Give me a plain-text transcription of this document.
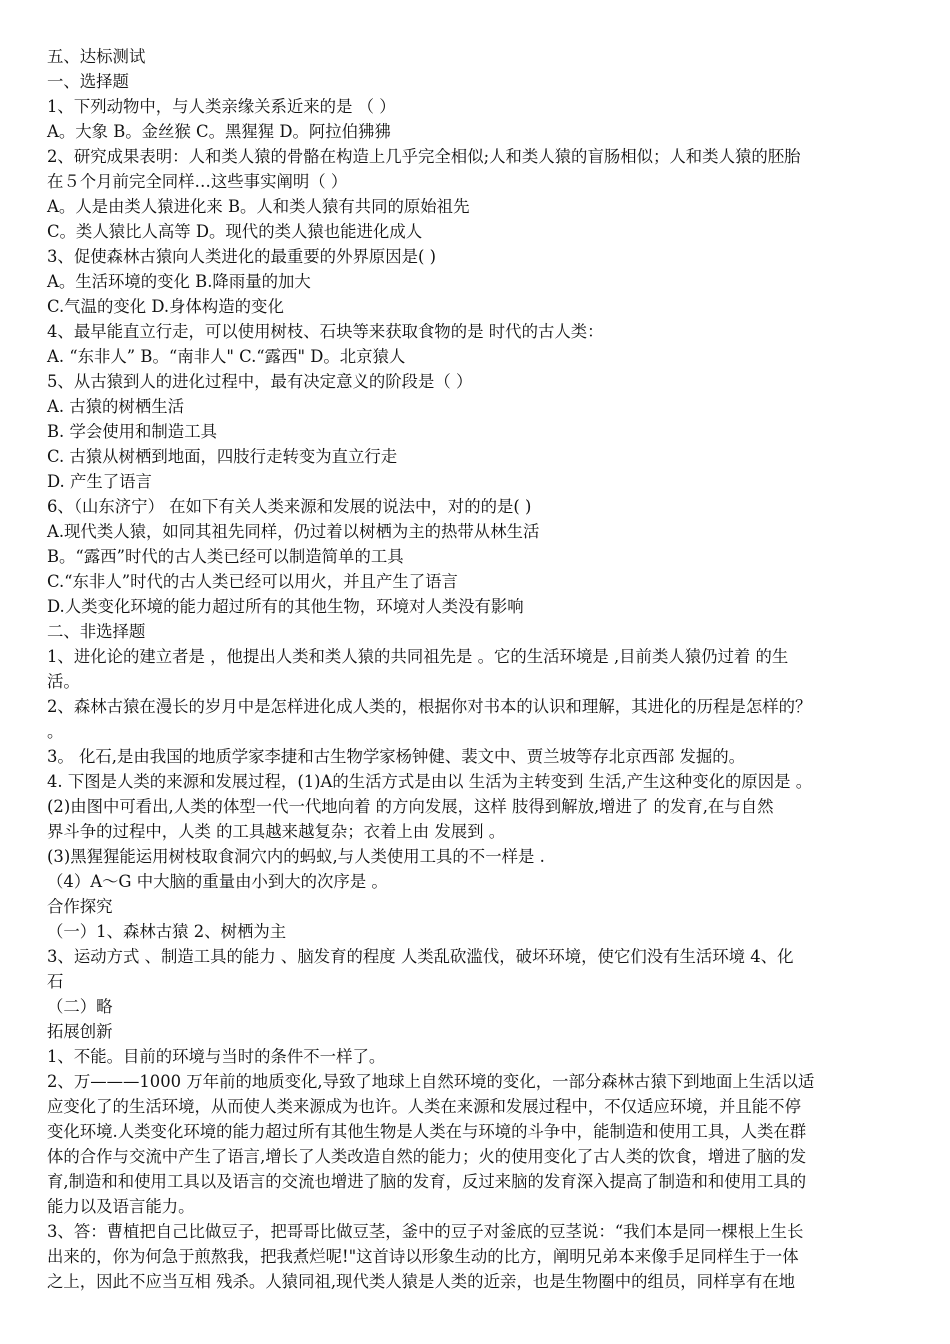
五、达标测试
一、选择题
1、下列动物中，与人类亲缘关系近来的是 （ ）
A。大象 B。金丝猴 C。黑猩猩 D。阿拉伯狒狒
2、研究成果表明：人和类人猿的骨骼在构造上几乎完全相似;人和类人猿的盲肠相似；人和类人猿的胚胎
在５个月前完全同样…这些事实阐明（ ）
A。人是由类人猿进化来 B。人和类人猿有共同的原始祖先
C。类人猿比人高等 D。现代的类人猿也能进化成人
3、促使森林古猿向人类进化的最重要的外界原因是( )
A。生活环境的变化 B.降雨量的加大
C.气温的变化 D.身体构造的变化
4、最早能直立行走，可以使用树枝、石块等来获取食物的是 时代的古人类：
A. “东非人” B。“南非人" C.“露西" D。北京猿人
5、从古猿到人的进化过程中，最有决定意义的阶段是（ ）
A. 古猿的树栖生活
B. 学会使用和制造工具
C. 古猿从树栖到地面，四肢行走转变为直立行走
D. 产生了语言
6、（山东济宁） 在如下有关人类来源和发展的说法中，对的的是( )
A.现代类人猿，如同其祖先同样，仍过着以树栖为主的热带从林生活
B。“露西”时代的古人类已经可以制造简单的工具
C.“东非人”时代的古人类已经可以用火，并且产生了语言
D.人类变化环境的能力超过所有的其他生物，环境对人类没有影响
二、非选择题
1、进化论的建立者是 ，他提出人类和类人猿的共同祖先是 。它的生活环境是 ,目前类人猿仍过着 的生
活。
2、森林古猿在漫长的岁月中是怎样进化成人类的，根据你对书本的认识和理解，其进化的历程是怎样的？
。
3。 化石,是由我国的地质学家李捷和古生物学家杨钟健、裴文中、贾兰坡等存北京西部 发掘的。
4. 下图是人类的来源和发展过程，(1)A的生活方式是由以 生活为主转变到 生活,产生这种变化的原因是 。
(2)由图中可看出,人类的体型一代一代地向着 的方向发展，这样 肢得到解放,增进了 的发育,在与自然
界斗争的过程中，人类 的工具越来越复杂；衣着上由 发展到 。
(3)黑猩猩能运用树枝取食洞穴内的蚂蚁,与人类使用工具的不一样是 .
（4）A～G 中大脑的重量由小到大的次序是 。
合作探究
（一）1、森林古猿 2、树栖为主
3、运动方式 、制造工具的能力 、脑发育的程度 人类乱砍滥伐，破坏环境，使它们没有生活环境 4、化
石
（二）略
拓展创新
1、不能。目前的环境与当时的条件不一样了。
2、万———1000 万年前的地质变化,导致了地球上自然环境的变化，一部分森林古猿下到地面上生活以适
应变化了的生活环境，从而使人类来源成为也许。人类在来源和发展过程中，不仅适应环境，并且能不停
变化环境.人类变化环境的能力超过所有其他生物是人类在与环境的斗争中，能制造和使用工具，人类在群
体的合作与交流中产生了语言,增长了人类改造自然的能力；火的使用变化了古人类的饮食，增进了脑的发
育,制造和和使用工具以及语言的交流也增进了脑的发育，反过来脑的发育深入提高了制造和和使用工具的
能力以及语言能力。
3、答：曹植把自己比做豆子，把哥哥比做豆茎，釜中的豆子对釜底的豆茎说：“我们本是同一棵根上生长
出来的，你为何急于煎熬我，把我煮烂呢!"这首诗以形象生动的比方，阐明兄弟本来像手足同样生于一体
之上，因此不应当互相 残杀。人猿同祖,现代类人猿是人类的近亲，也是生物圈中的组员，同样享有在地
